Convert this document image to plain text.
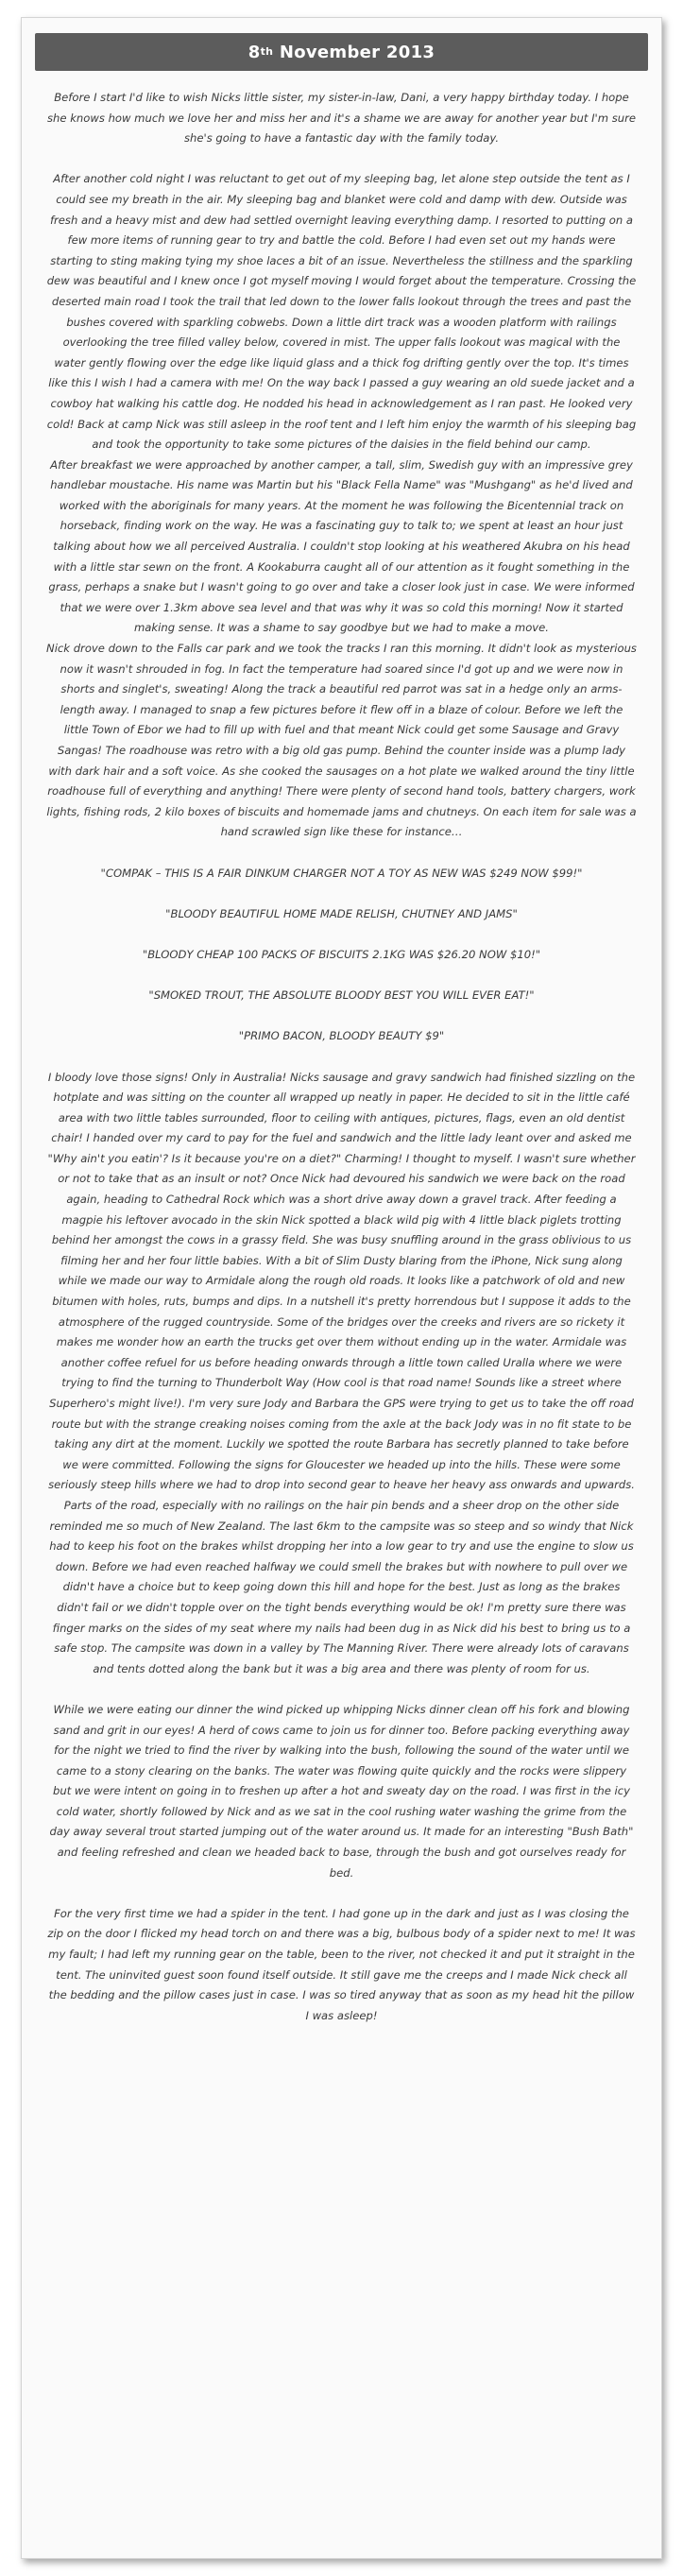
8 th
November 2013

Before I start I'd like to wish Nicks little sister, my sister-in-law, Dani, a very happy birthday today. I hope she knows how much we love her and miss her and it's a shame we are away for another year but I'm sure she's going to have a fantastic day with the family today.

After another cold night I was reluctant to get out of my sleeping bag, let alone step outside the tent as I could see my breath in the air. My sleeping bag and blanket were cold and damp with dew. Outside was fresh and a heavy mist and dew had settled overnight leaving everything damp. I resorted to putting on a few more items of running gear to try and battle the cold. Before I had even set out my hands were starting to sting making tying my shoe laces a bit of an issue. Nevertheless the stillness and the sparkling dew was beautiful and I knew once I got myself moving I would forget about the temperature. Crossing the deserted main road I took the trail that led down to the lower falls lookout through the trees and past the bushes covered with sparkling cobwebs. Down a little dirt track was a wooden platform with railings overlooking the tree filled valley below, covered in mist. The upper falls lookout was magical with the water gently flowing over the edge like liquid glass and a thick fog drifting gently over the top. It's times like this I wish I had a camera with me! On the way back I passed a guy wearing an old suede jacket and a cowboy hat walking his cattle dog. He nodded his head in acknowledgement as I ran past. He looked very cold! Back at camp Nick was still asleep in the roof tent and I left him enjoy the warmth of his sleeping bag and took the opportunity to take some pictures of the daisies in the field behind our camp.

After breakfast we were approached by another camper, a tall, slim, Swedish guy with an impressive grey handlebar moustache. His name was Martin but his "Black Fella Name" was "Mushgang" as he'd lived and worked with the aboriginals for many years. At the moment he was following the Bicentennial track on horseback, finding work on the way. He was a fascinating guy to talk to; we spent at least an hour just talking about how we all perceived Australia. I couldn't stop looking at his weathered Akubra on his head with a little star sewn on the front. A Kookaburra caught all of our attention as it fought something in the grass, perhaps a snake but I wasn't going to go over and take a closer look just in case. We were informed that we were over 1.3km above sea level and that was why it was so cold this morning! Now it started making sense. It was a shame to say goodbye but we had to make a move.

Nick drove down to the Falls car park and we took the tracks I ran this morning. It didn't look as mysterious now it wasn't shrouded in fog. In fact the temperature had soared since I'd got up and we were now in shorts and singlet's, sweating! Along the track a beautiful red parrot was sat in a hedge only an arms-length away. I managed to snap a few pictures before it flew off in a blaze of colour. Before we left the little Town of Ebor we had to fill up with fuel and that meant Nick could get some Sausage and Gravy Sangas! The roadhouse was retro with a big old gas pump. Behind the counter inside was a plump lady with dark hair and a soft voice. As she cooked the sausages on a hot plate we walked around the tiny little roadhouse full of everything and anything! There were plenty of second hand tools, battery chargers, work lights, fishing rods, 2 kilo boxes of biscuits and homemade jams and chutneys. On each item for sale was a hand scrawled sign like these for instance…

"COMPAK – THIS IS A FAIR DINKUM CHARGER NOT A TOY AS NEW WAS $249 NOW $99!"

"BLOODY BEAUTIFUL HOME MADE RELISH, CHUTNEY AND JAMS"

"BLOODY CHEAP 100 PACKS OF BISCUITS 2.1KG WAS $26.20 NOW $10!"

"SMOKED TROUT, THE ABSOLUTE BLOODY BEST YOU WILL EVER EAT!"

"PRIMO BACON, BLOODY BEAUTY $9"

I bloody love those signs! Only in Australia! Nicks sausage and gravy sandwich had finished sizzling on the hotplate and was sitting on the counter all wrapped up neatly in paper. He decided to sit in the little café area with two little tables surrounded, floor to ceiling with antiques, pictures, flags, even an old dentist chair! I handed over my card to pay for the fuel and sandwich and the little lady leant over and asked me "Why ain't you eatin'? Is it because you're on a diet?" Charming! I thought to myself. I wasn't sure whether or not to take that as an insult or not? Once Nick had devoured his sandwich we were back on the road again, heading to Cathedral Rock which was a short drive away down a gravel track. After feeding a magpie his leftover avocado in the skin Nick spotted a black wild pig with 4 little black piglets trotting behind her amongst the cows in a grassy field. She was busy snuffling around in the grass oblivious to us filming her and her four little babies. With a bit of Slim Dusty blaring from the iPhone, Nick sung along while we made our way to Armidale along the rough old roads. It looks like a patchwork of old and new bitumen with holes, ruts, bumps and dips. In a nutshell it's pretty horrendous but I suppose it adds to the atmosphere of the rugged countryside. Some of the bridges over the creeks and rivers are so rickety it makes me wonder how an earth the trucks get over them without ending up in the water. Armidale was another coffee refuel for us before heading onwards through a little town called Uralla where we were trying to find the turning to Thunderbolt Way (How cool is that road name! Sounds like a street where Superhero's might live!). I'm very sure Jody and Barbara the GPS were trying to get us to take the off road route but with the strange creaking noises coming from the axle at the back Jody was in no fit state to be taking any dirt at the moment. Luckily we spotted the route Barbara has secretly planned to take before we were committed. Following the signs for Gloucester we headed up into the hills. These were some seriously steep hills where we had to drop into second gear to heave her heavy ass onwards and upwards. Parts of the road, especially with no railings on the hair pin bends and a sheer drop on the other side reminded me so much of New Zealand. The last 6km to the campsite was so steep and so windy that Nick had to keep his foot on the brakes whilst dropping her into a low gear to try and use the engine to slow us down. Before we had even reached halfway we could smell the brakes but with nowhere to pull over we didn't have a choice but to keep going down this hill and hope for the best. Just as long as the brakes didn't fail or we didn't topple over on the tight bends everything would be ok! I'm pretty sure there was finger marks on the sides of my seat where my nails had been dug in as Nick did his best to bring us to a safe stop. The campsite was down in a valley by The Manning River. There were already lots of caravans and tents dotted along the bank but it was a big area and there was plenty of room for us.

While we were eating our dinner the wind picked up whipping Nicks dinner clean off his fork and blowing sand and grit in our eyes! A herd of cows came to join us for dinner too. Before packing everything away for the night we tried to find the river by walking into the bush, following the sound of the water until we came to a stony clearing on the banks. The water was flowing quite quickly and the rocks were slippery but we were intent on going in to freshen up after a hot and sweaty day on the road. I was first in the icy cold water, shortly followed by Nick and as we sat in the cool rushing water washing the grime from the day away several trout started jumping out of the water around us. It made for an interesting "Bush Bath" and feeling refreshed and clean we headed back to base, through the bush and got ourselves ready for bed.

For the very first time we had a spider in the tent. I had gone up in the dark and just as I was closing the zip on the door I flicked my head torch on and there was a big, bulbous body of a spider next to me! It was my fault; I had left my running gear on the table, been to the river, not checked it and put it straight in the tent. The uninvited guest soon found itself outside. It still gave me the creeps and I made Nick check all the bedding and the pillow cases just in case. I was so tired anyway that as soon as my head hit the pillow I was asleep!
